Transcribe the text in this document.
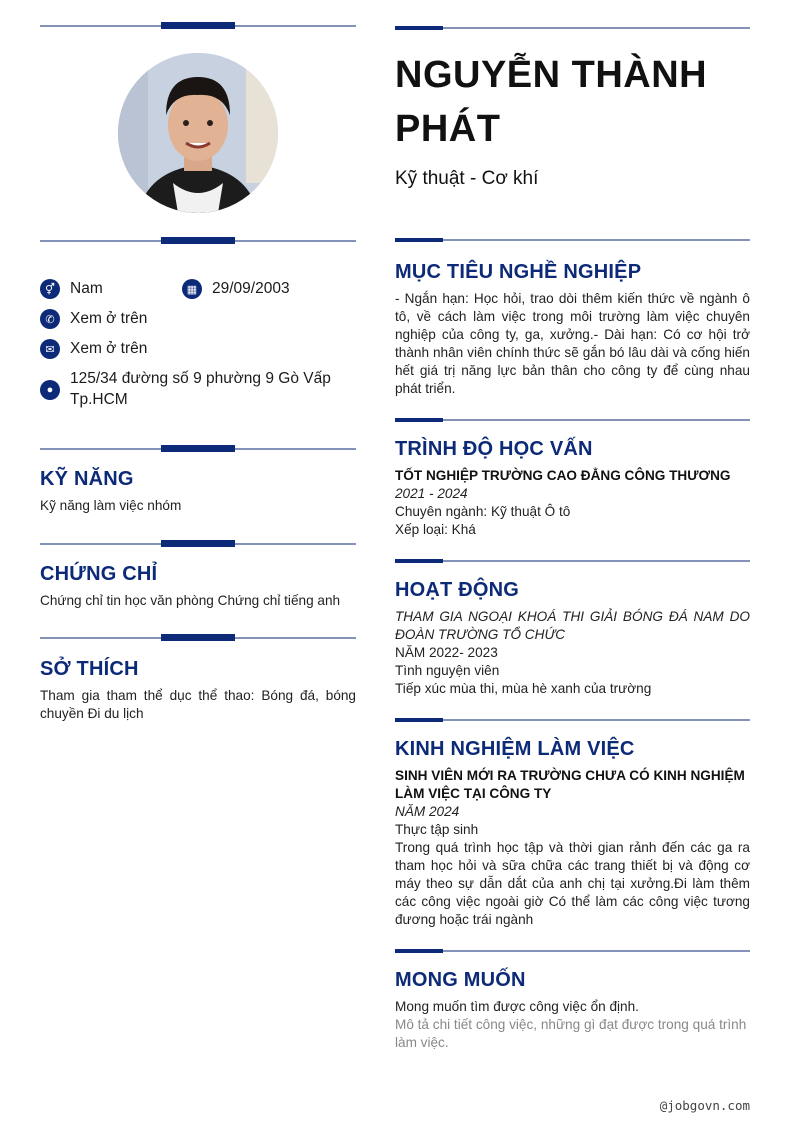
⚥ Nam	▦ 29/09/2003
✆ Xem ở trên
✉ Xem ở trên
●
125/34 đường số 9 phường 9 Gò Vấp Tp.HCM
KỸ NĂNG
Kỹ năng làm việc nhóm
CHỨNG CHỈ
Chứng chỉ tin học văn phòng Chứng chỉ tiếng anh
SỞ THÍCH
Tham gia tham thể dục thể thao: Bóng đá, bóng chuyền Đi du lịch
NGUYỄN THÀNH PHÁT
Kỹ thuật - Cơ khí
MỤC TIÊU NGHỀ NGHIỆP
- Ngắn hạn: Học hỏi, trao dòi thêm kiến thức về ngành ô tô, về cách làm việc trong môi trường làm việc chuyên nghiệp của công ty, ga, xưởng.- Dài hạn: Có cơ hội trở thành nhân viên chính thức sẽ gắn bó lâu dài và cống hiến hết giá trị năng lực bản thân cho công ty để cùng nhau phát triển.
TRÌNH ĐỘ HỌC VẤN
TỐT NGHIỆP TRƯỜNG CAO ĐẲNG CÔNG THƯƠNG
2021 - 2024
Chuyên ngành: Kỹ thuật Ô tô
Xếp loại: Khá
HOẠT ĐỘNG
THAM GIA NGOẠI KHOÁ THI GIẢI BÓNG ĐÁ NAM DO ĐOÀN TRƯỜNG TỔ CHỨC
NĂM 2022- 2023
Tình nguyện viên
Tiếp xúc mùa thi, mùa hè xanh của trường
KINH NGHIỆM LÀM VIỆC
SINH VIÊN MỚI RA TRƯỜNG CHƯA CÓ KINH NGHIỆM LÀM VIỆC TẠI CÔNG TY
NĂM 2024
Thực tập sinh
Trong quá trình học tập và thời gian rảnh đến các ga ra tham học hỏi và sữa chữa các trang thiết bị và động cơ máy theo sự dẫn dắt của anh chị tại xưởng.Đi làm thêm các công việc ngoài giờ Có thể làm các công việc tương đương hoặc trái ngành
MONG MUỐN
Mong muốn tìm được công việc ổn định.
Mô tả chi tiết công việc, những gì đạt được trong quá trình làm việc.
@jobgovn.com
